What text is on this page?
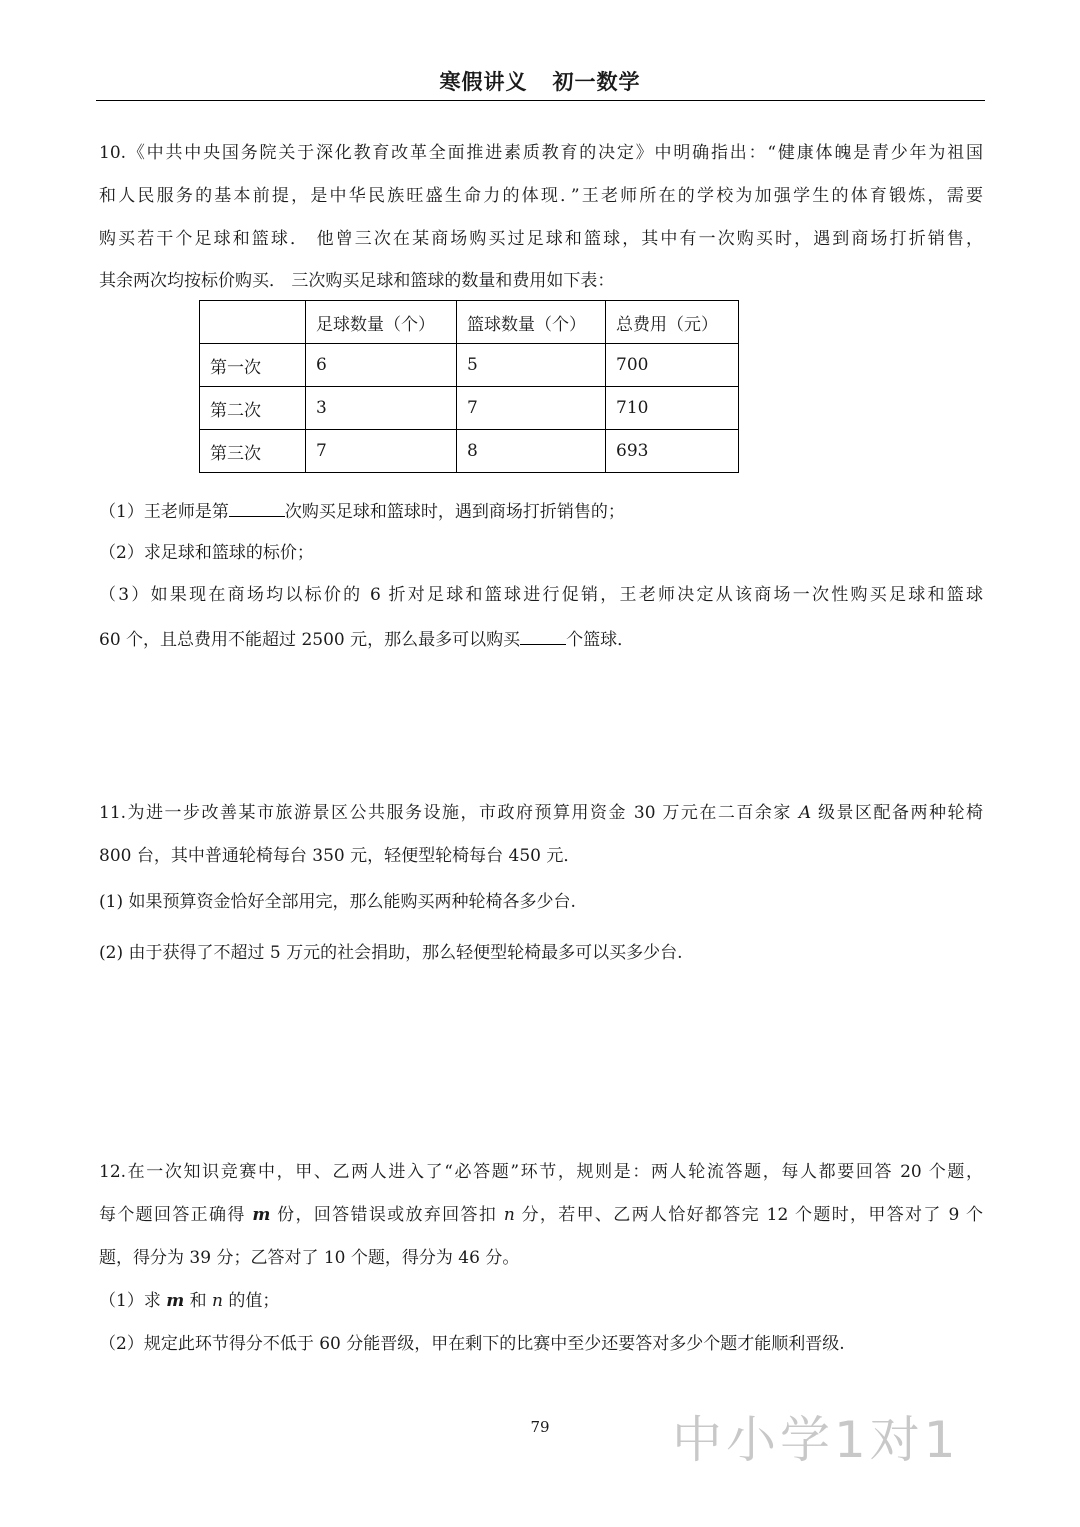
寒假讲义   初一数学
10.《中共中央国务院关于深化教育改革全面推进素质教育的决定》中明确指出：“健康体魄是青少年为祖国
和人民服务的基本前提，是中华民族旺盛生命力的体现．”王老师所在的学校为加强学生的体育锻炼，需要
购买若干个足球和篮球． 他曾三次在某商场购买过足球和篮球，其中有一次购买时，遇到商场打折销售，
其余两次均按标价购买． 三次购买足球和篮球的数量和费用如下表：
	足球数量（个）	篮球数量（个）	总费用（元）
第一次	6	5	700
第二次	3	7	710
第三次	7	8	693
（1）王老师是第	次购买足球和篮球时，遇到商场打折销售的；
（2）求足球和篮球的标价；
（3）如果现在商场均以标价的 6 折对足球和篮球进行促销，王老师决定从该商场一次性购买足球和篮球
60 个，且总费用不能超过 2500 元，那么最多可以购买	个篮球．
11.为进一步改善某市旅游景区公共服务设施，市政府预算用资金 30 万元在二百余家 A 级景区配备两种轮椅
800 台，其中普通轮椅每台 350 元，轻便型轮椅每台 450 元．
(1) 如果预算资金恰好全部用完，那么能购买两种轮椅各多少台.
(2) 由于获得了不超过 5 万元的社会捐助，那么轻便型轮椅最多可以买多少台.
12.在一次知识竞赛中，甲、乙两人进入了“必答题”环节，规则是：两人轮流答题，每人都要回答 20 个题，
每个题回答正确得 m 份，回答错误或放弃回答扣 n 分，若甲、乙两人恰好都答完 12 个题时，甲答对了 9 个
题，得分为 39 分；乙答对了 10 个题，得分为 46 分。
（1）求 m 和 n 的值；
（2）规定此环节得分不低于 60 分能晋级，甲在剩下的比赛中至少还要答对多少个题才能顺利晋级.
79	中小学1对1
